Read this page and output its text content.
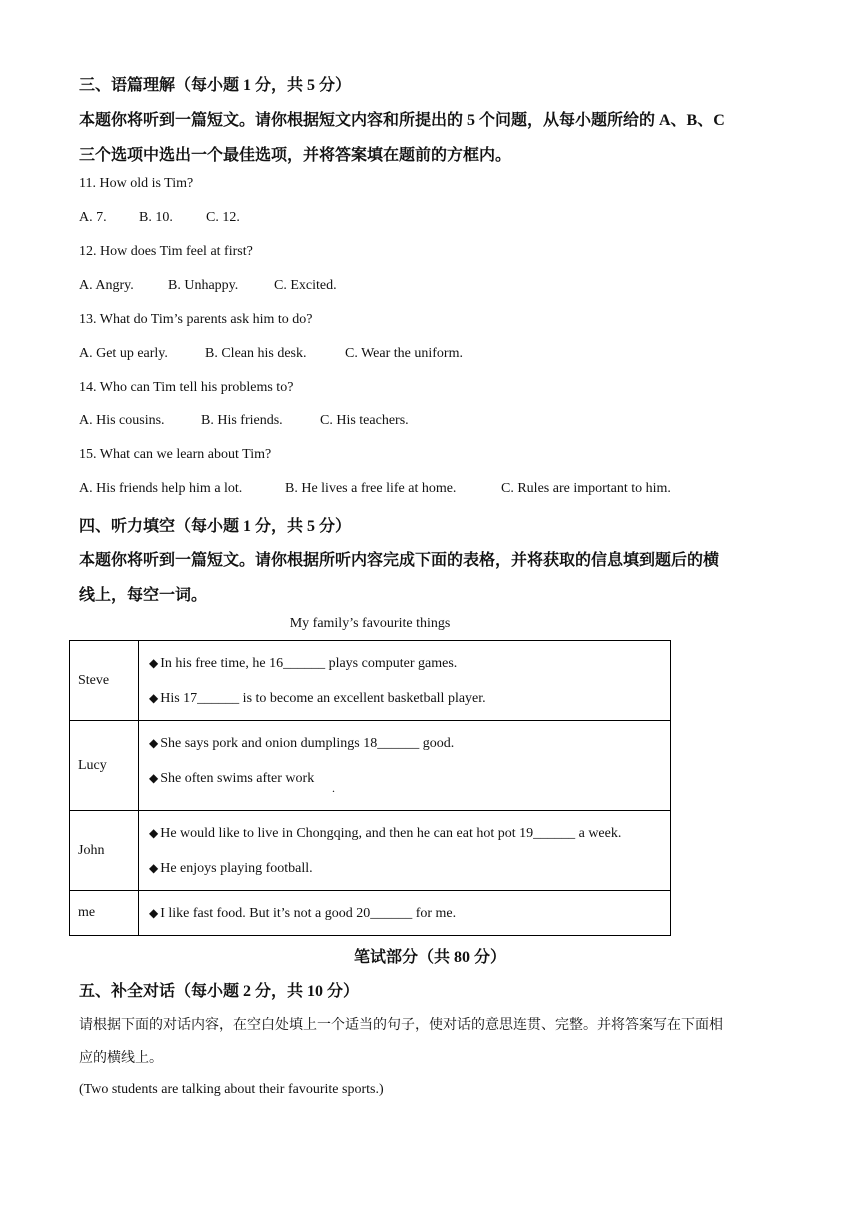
三、语篇理解（每小题 1 分，共 5 分）
本题你将听到一篇短文。请你根据短文内容和所提出的 5 个问题，从每小题所给的 A、B、C
三个选项中选出一个最佳选项，并将答案填在题前的方框内。
11. How old is Tim?
A. 7. B. 10. C. 12.
12. How does Tim feel at first?
A. Angry. B. Unhappy.	C. Excited.
13. What do Tim’s parents ask him to do?
A. Get up early.	B. Clean his desk.	C. Wear the uniform.
14. Who can Tim tell his problems to?
A. His cousins.	B. His friends.	C. His teachers.
15. What can we learn about Tim?
A. His friends help him a lot.	B. He lives a free life at home.	C. Rules are important to him.
四、听力填空（每小题 1 分，共 5 分）
本题你将听到一篇短文。请你根据所听内容完成下面的表格，并将获取的信息填到题后的横
线上，每空一词。
My family’s favourite things
Steve	◆ In his free time, he 16______ plays computer games.
◆ His 17______ is to become an excellent basketball player.

Lucy	◆ She says pork and onion dumplings 18______ good.
◆ She often swims after work
.

John	◆ He would like to live in Chongqing, and then he can eat hot pot 19______ a week.
◆ He enjoys playing football.

me	◆ I like fast food. But it’s not a good 20______ for me.
笔试部分（共 80 分）
五、补全对话（每小题 2 分，共 10 分）
请根据下面的对话内容，在空白处填上一个适当的句子，使对话的意思连贯、完整。并将答案写在下面相
应的横线上。
(Two students are talking about their favourite sports.)
